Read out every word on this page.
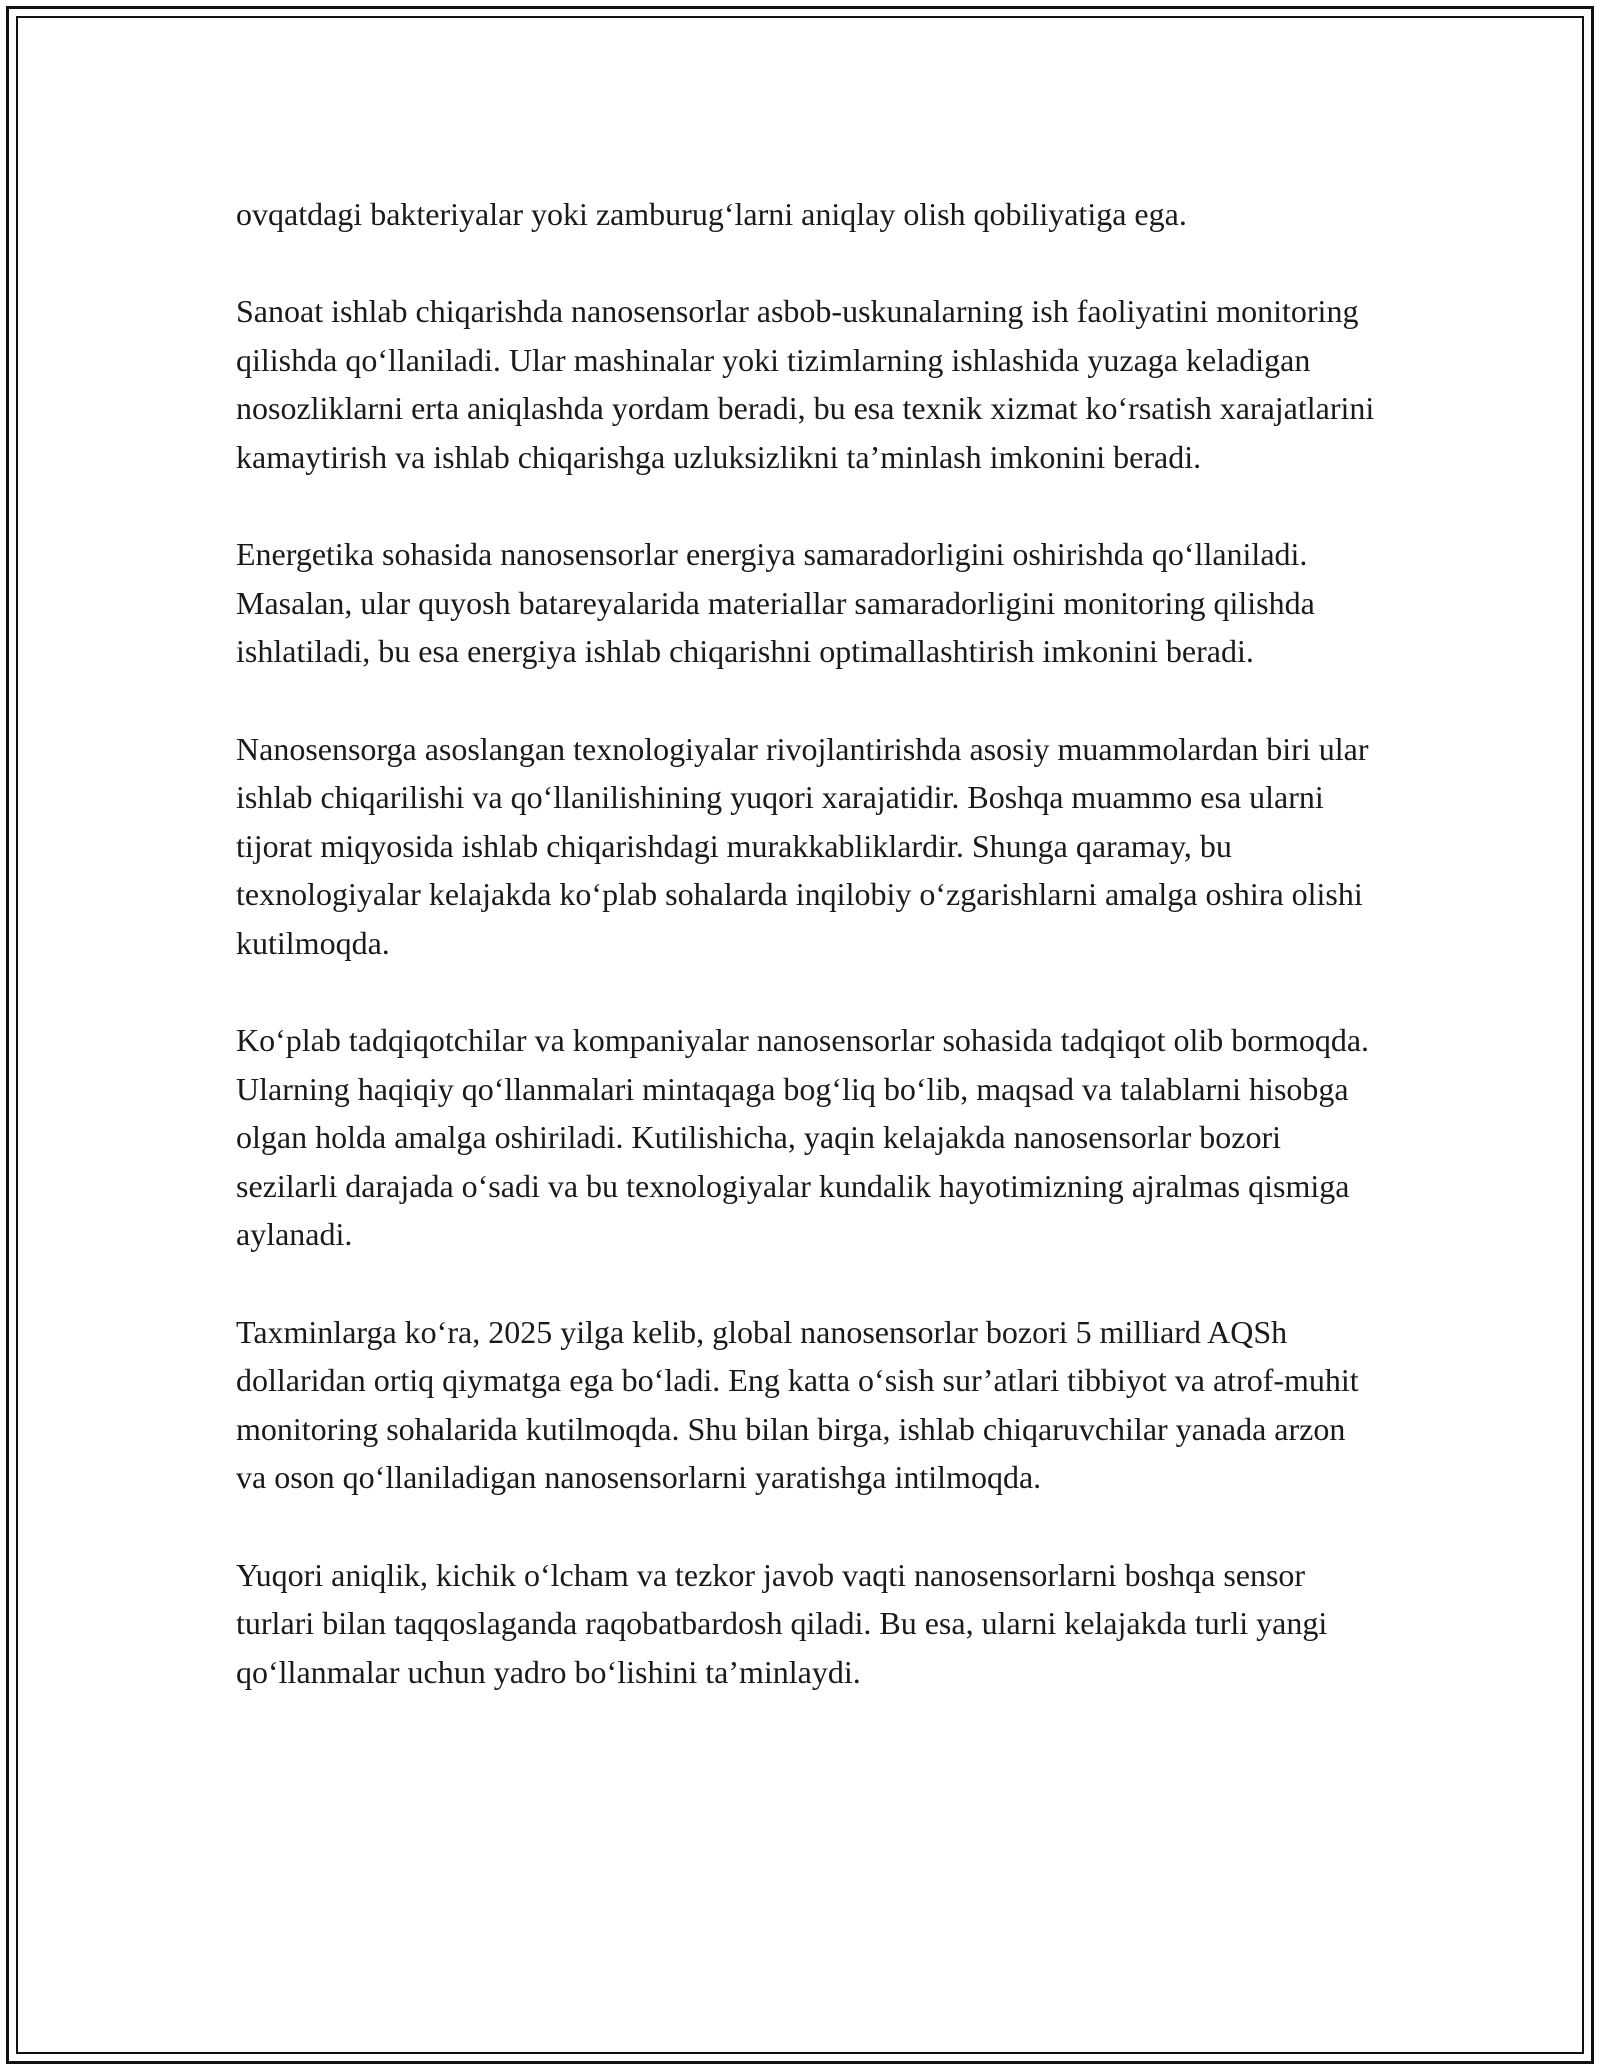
ovqatdagi bakteriyalar yoki zamburug‘larni aniqlay olish qobiliyatiga ega.

Sanoat ishlab chiqarishda nanosensorlar asbob-uskunalarning ish faoliyatini monitoring qilishda qo‘llaniladi. Ular mashinalar yoki tizimlarning ishlashida yuzaga keladigan nosozliklarni erta aniqlashda yordam beradi, bu esa texnik xizmat ko‘rsatish xarajatlarini kamaytirish va ishlab chiqarishga uzluksizlikni ta’minlash imkonini beradi.

Energetika sohasida nanosensorlar energiya samaradorligini oshirishda qo‘llaniladi. Masalan, ular quyosh batareyalarida materiallar samaradorligini monitoring qilishda ishlatiladi, bu esa energiya ishlab chiqarishni optimallashtirish imkonini beradi.

Nanosensorga asoslangan texnologiyalar rivojlantirishda asosiy muammolardan biri ular ishlab chiqarilishi va qo‘llanilishining yuqori xarajatidir. Boshqa muammo esa ularni tijorat miqyosida ishlab chiqarishdagi murakkabliklardir. Shunga qaramay, bu texnologiyalar kelajakda ko‘plab sohalarda inqilobiy o‘zgarishlarni amalga oshira olishi kutilmoqda.

Ko‘plab tadqiqotchilar va kompaniyalar nanosensorlar sohasida tadqiqot olib bormoqda. Ularning haqiqiy qo‘llanmalari mintaqaga bog‘liq bo‘lib, maqsad va talablarni hisobga olgan holda amalga oshiriladi. Kutilishicha, yaqin kelajakda nanosensorlar bozori sezilarli darajada o‘sadi va bu texnologiyalar kundalik hayotimizning ajralmas qismiga aylanadi.

Taxminlarga ko‘ra, 2025 yilga kelib, global nanosensorlar bozori 5 milliard AQSh dollaridan ortiq qiymatga ega bo‘ladi. Eng katta o‘sish sur’atlari tibbiyot va atrof-muhit monitoring sohalarida kutilmoqda. Shu bilan birga, ishlab chiqaruvchilar yanada arzon va oson qo‘llaniladigan nanosensorlarni yaratishga intilmoqda.

Yuqori aniqlik, kichik o‘lcham va tezkor javob vaqti nanosensorlarni boshqa sensor turlari bilan taqqoslaganda raqobatbardosh qiladi. Bu esa, ularni kelajakda turli yangi qo‘llanmalar uchun yadro bo‘lishini ta’minlaydi.
